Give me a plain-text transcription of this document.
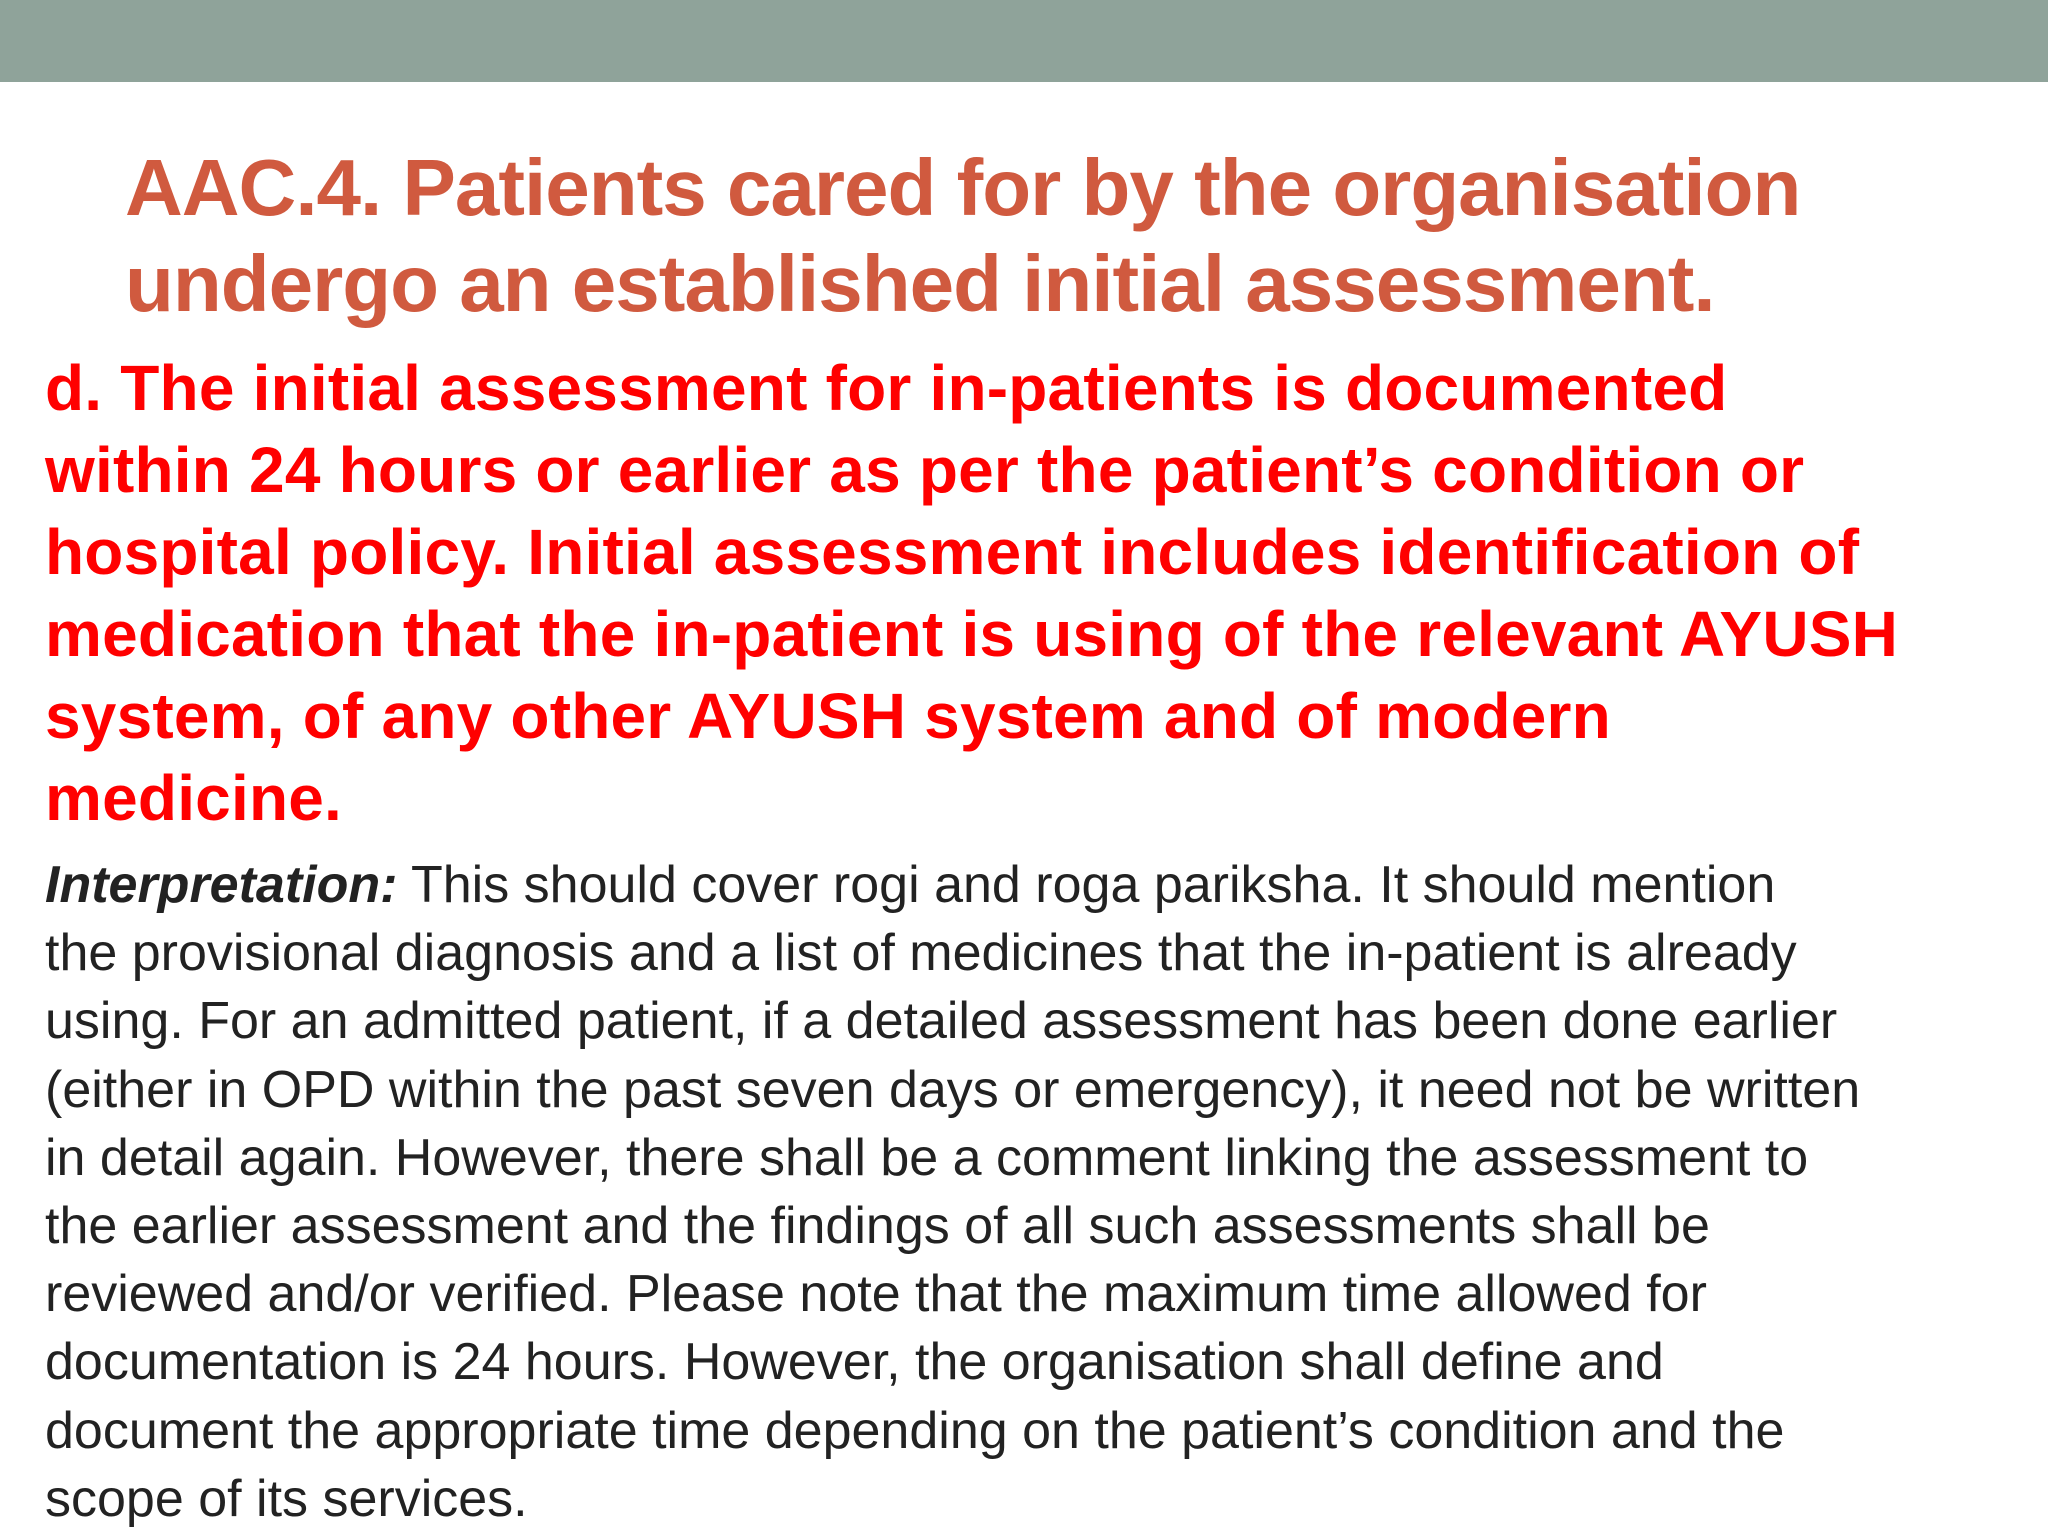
AAC.4. Patients cared for by the organisation
undergo an established initial assessment.
d. The initial assessment for in-patients is documented
within 24 hours or earlier as per the patient’s condition or
hospital policy. Initial assessment includes identification of
medication that the in-patient is using of the relevant AYUSH
system, of any other AYUSH system and of modern
medicine.
Interpretation: This should cover rogi and roga pariksha. It should mention
the provisional diagnosis and a list of medicines that the in-patient is already
using. For an admitted patient, if a detailed assessment has been done earlier
(either in OPD within the past seven days or emergency), it need not be written
in detail again. However, there shall be a comment linking the assessment to
the earlier assessment and the findings of all such assessments shall be
reviewed and/or verified. Please note that the maximum time allowed for
documentation is 24 hours. However, the organisation shall define and
document the appropriate time depending on the patient’s condition and the
scope of its services.
